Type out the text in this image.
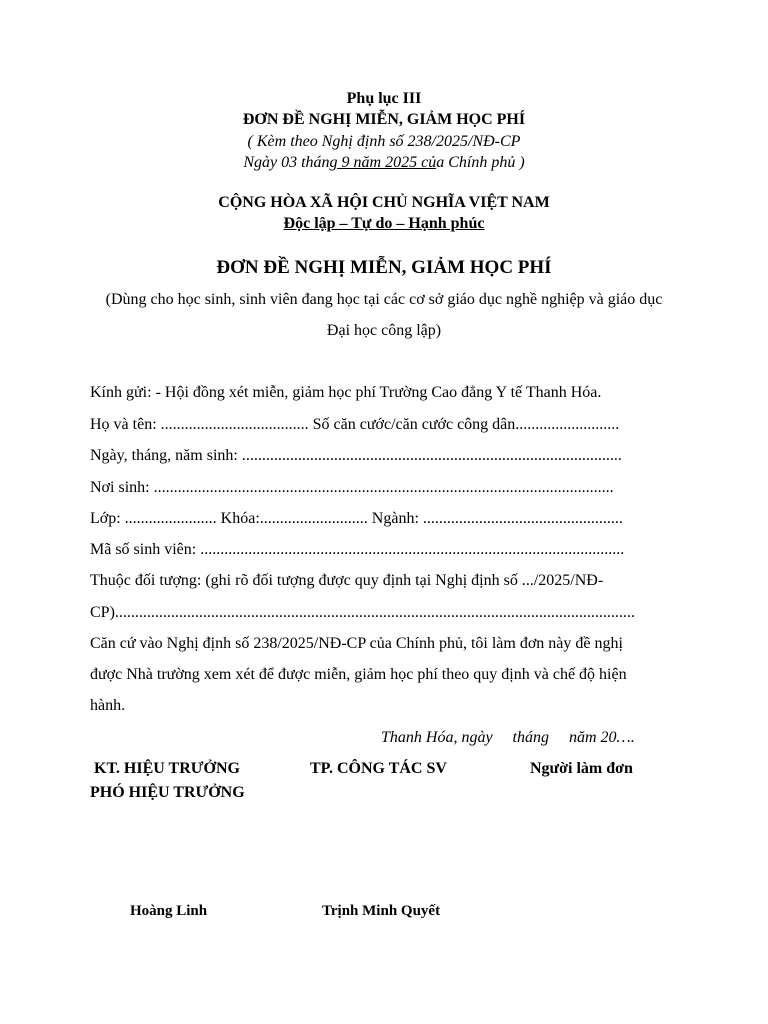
Phụ lục III
ĐƠN ĐỀ NGHỊ MIỄN, GIẢM HỌC PHÍ
( Kèm theo Nghị định số 238/2025/NĐ-CP
Ngày 03 tháng 9 năm 2025 của Chính phủ )
CỘNG HÒA XÃ HỘI CHỦ NGHĨA VIỆT NAM
Độc lập – Tự do – Hạnh phúc
ĐƠN ĐỀ NGHỊ MIỄN, GIẢM HỌC PHÍ
(Dùng cho học sinh, sinh viên đang học tại các cơ sở giáo dục nghề nghiệp và giáo dục
Đại học công lập)
Kính gửi: - Hội đồng xét miễn, giảm học phí Trường Cao đẳng Y tế Thanh Hóa.
Họ và tên: ..................................... Số căn cước/căn cước công dân..........................
Ngày, tháng, năm sinh: ...............................................................................................
Nơi sinh: ...................................................................................................................
Lớp: ....................... Khóa:........................... Ngành: ..................................................
Mã số sinh viên: ..........................................................................................................
Thuộc đối tượng: (ghi rõ đối tượng được quy định tại Nghị định số .../2025/NĐ-
CP)..................................................................................................................................
Căn cứ vào Nghị định số 238/2025/NĐ-CP của Chính phủ, tôi làm đơn này đề nghị
được Nhà trường xem xét để được miễn, giảm học phí theo quy định và chế độ hiện
hành.
Thanh Hóa, ngày     tháng     năm 20….
KT. HIỆU TRƯỞNG
PHÓ HIỆU TRƯỞNG
TP. CÔNG TÁC SV	Người làm đơn
Hoàng Linh	Trịnh Minh Quyết
